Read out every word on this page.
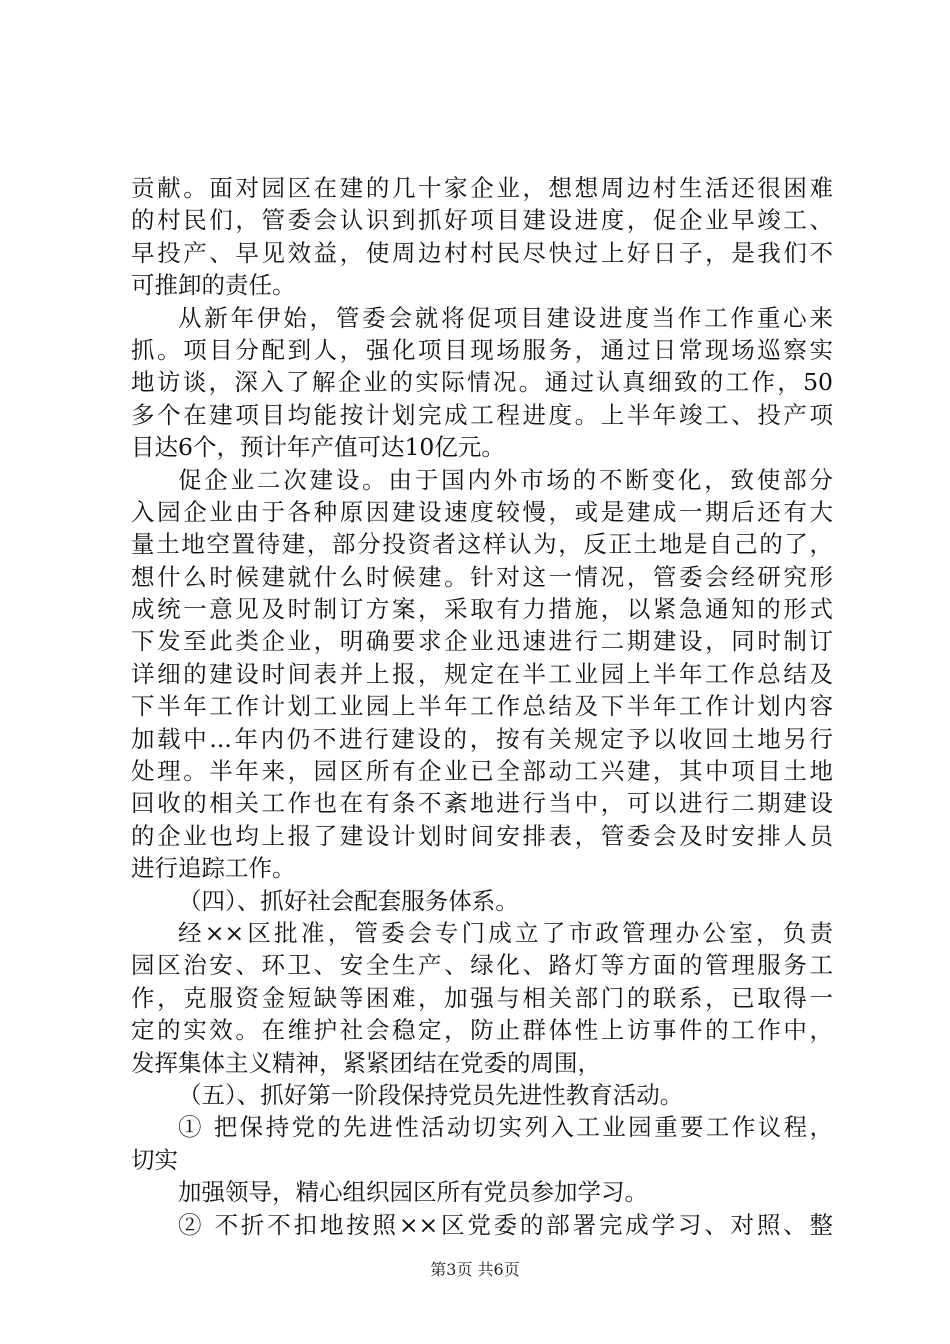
贡献。面对园区在建的几十家企业，想想周边村生活还很困难
的村民们，管委会认识到抓好项目建设进度，促企业早竣工、
早投产、早见效益，使周边村村民尽快过上好日子，是我们不
可推卸的责任。
从新年伊始，管委会就将促项目建设进度当作工作重心来
抓。项目分配到人，强化项目现场服务，通过日常现场巡察实
地访谈，深入了解企业的实际情况。通过认真细致的工作，50
多个在建项目均能按计划完成工程进度。上半年竣工、投产项
目达6个，预计年产值可达10亿元。
促企业二次建设。由于国内外市场的不断变化，致使部分
入园企业由于各种原因建设速度较慢，或是建成一期后还有大
量土地空置待建，部分投资者这样认为，反正土地是自己的了，
想什么时候建就什么时候建。针对这一情况，管委会经研究形
成统一意见及时制订方案，采取有力措施，以紧急通知的形式
下发至此类企业，明确要求企业迅速进行二期建设，同时制订
详细的建设时间表并上报，规定在半工业园上半年工作总结及
下半年工作计划工业园上半年工作总结及下半年工作计划内容
加载中...年内仍不进行建设的，按有关规定予以收回土地另行
处理。半年来，园区所有企业已全部动工兴建，其中项目土地
回收的相关工作也在有条不紊地进行当中，可以进行二期建设
的企业也均上报了建设计划时间安排表，管委会及时安排人员
进行追踪工作。
（四）、抓好社会配套服务体系。
经××区批准，管委会专门成立了市政管理办公室，负责
园区治安、环卫、安全生产、绿化、路灯等方面的管理服务工
作，克服资金短缺等困难，加强与相关部门的联系，已取得一
定的实效。在维护社会稳定，防止群体性上访事件的工作中，
发挥集体主义精神，紧紧团结在党委的周围，
（五）、抓好第一阶段保持党员先进性教育活动。
① 把保持党的先进性活动切实列入工业园重要工作议程，
切实
加强领导，精心组织园区所有党员参加学习。
② 不折不扣地按照××区党委的部署完成学习、对照、整
第3页 共6页
